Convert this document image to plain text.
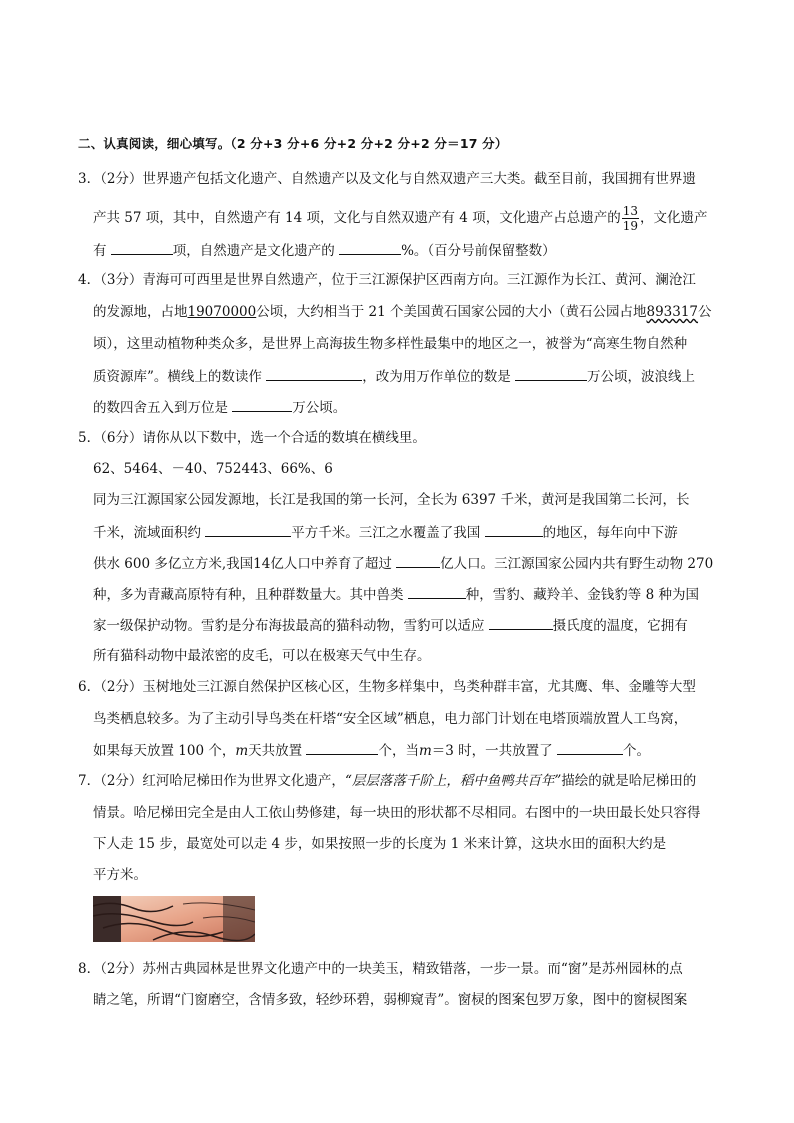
二、认真阅读，细心填写。（2 分+3 分+6 分+2 分+2 分+2 分＝17 分）
3．（2分）世界遗产包括文化遗产、自然遗产以及文化与自然双遗产三大类。截至目前，我国拥有世界遗
产共 57 项，其中，自然遗产有 14 项，文化与自然双遗产有 4 项，文化遗产占总遗产的 $\frac{13}{19}$ ，文化遗产
有	项，自然遗产是文化遗产的	%。（百分号前保留整数）
4．（3分）青海可可西里是世界自然遗产，位于三江源保护区西南方向。三江源作为长江、黄河、澜沧江
的发源地，占地19070000公顷，大约相当于 21 个美国黄石国家公园的大小（黄石公园占地893317公
顷），这里动植物种类众多，是世界上高海拔生物多样性最集中的地区之一，被誉为“高寒生物自然种
质资源库”。横线上的数读作	，改为用万作单位的数是	万公顷，波浪线上
的数四舍五入到万位是	万公顷。
5．（6分）请你从以下数中，选一个合适的数填在横线里。
62、5464、－40、752443、66%、6
同为三江源国家公园发源地，长江是我国的第一长河，全长为 6397 千米，黄河是我国第二长河，长
千米，流域面积约	平方千米。三江之水覆盖了我国	的地区，每年向中下游
供水 600 多亿立方米,我国14亿人口中养育了超过	亿人口。三江源国家公园内共有野生动物 270
种，多为青藏高原特有种，且种群数量大。其中兽类	种，雪豹、藏羚羊、金钱豹等 8 种为国
家一级保护动物。雪豹是分布海拔最高的猫科动物，雪豹可以适应	摄氏度的温度，它拥有
所有猫科动物中最浓密的皮毛，可以在极寒天气中生存。
6．（2分）玉树地处三江源自然保护区核心区，生物多样集中，鸟类种群丰富，尤其鹰、隼、金雕等大型
鸟类栖息较多。为了主动引导鸟类在杆塔“安全区域”栖息，电力部门计划在电塔顶端放置人工鸟窝，
如果每天放置 100 个，m天共放置	个，当m＝3 时，一共放置了	个。
7．（2分）红河哈尼梯田作为世界文化遗产，“层层落落千阶上，稻中鱼鸭共百年”描绘的就是哈尼梯田的
情景。哈尼梯田完全是由人工依山势修建，每一块田的形状都不尽相同。右图中的一块田最长处只容得
下人走 15 步，最宽处可以走 4 步，如果按照一步的长度为 1 米来计算，这块水田的面积大约是
平方米。
8．（2分）苏州古典园林是世界文化遗产中的一块美玉，精致错落，一步一景。而“窗”是苏州园林的点
睛之笔，所谓“门窗磨空，含情多致，轻纱环碧，弱柳窥青”。窗棂的图案包罗万象，图中的窗棂图案
